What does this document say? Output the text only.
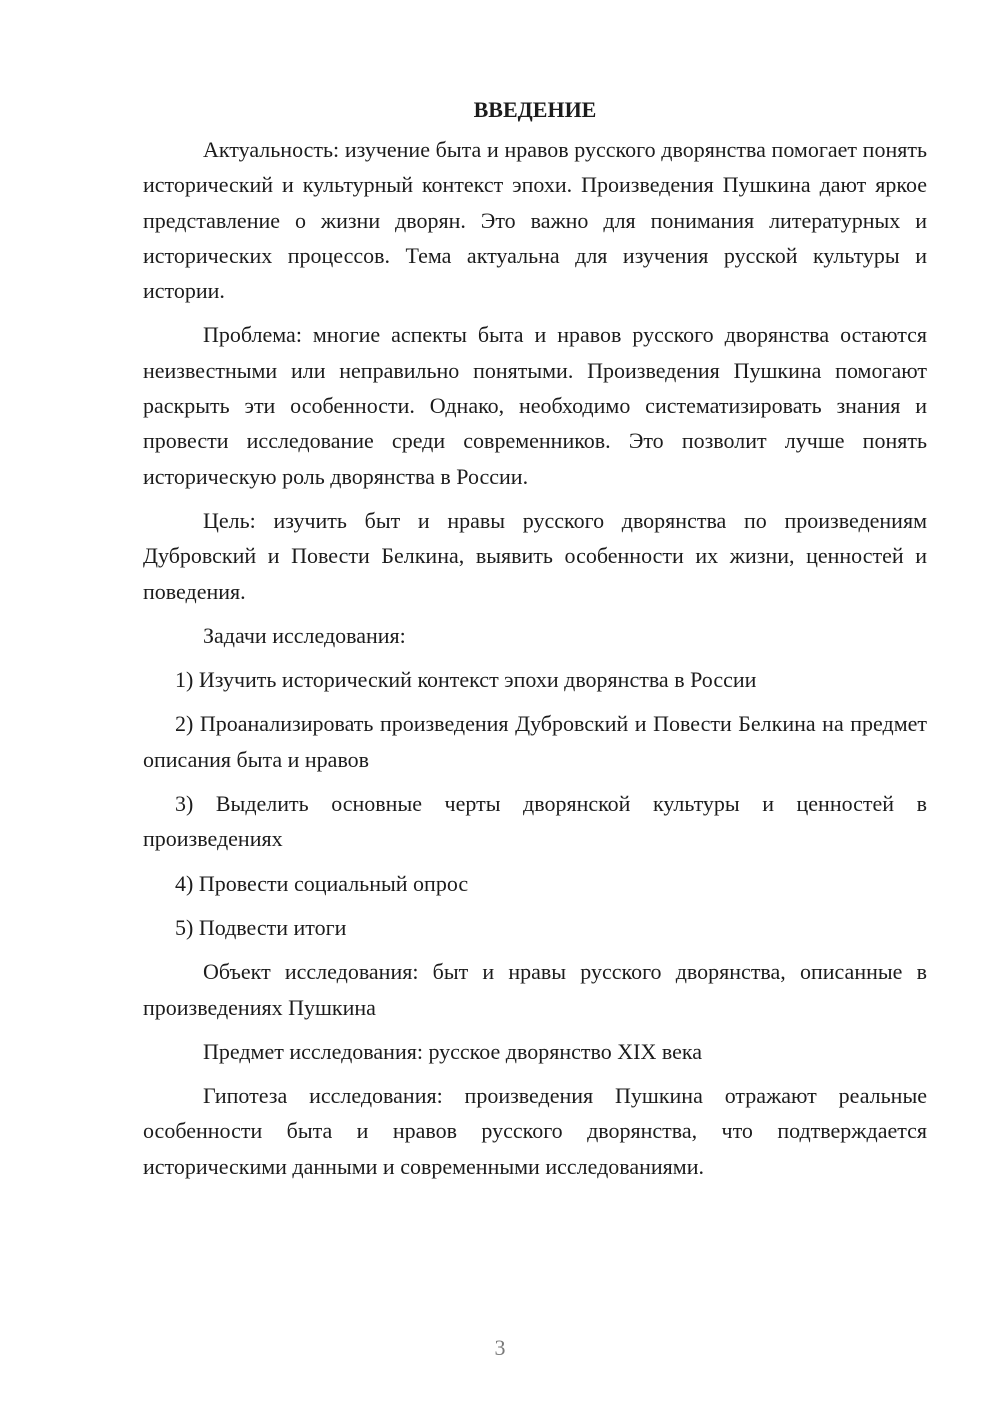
ВВЕДЕНИЕ

Актуальность: изучение быта и нравов русского дворянства помогает понять исторический и культурный контекст эпохи. Произведения Пушкина дают яркое представление о жизни дворян. Это важно для понимания литературных и исторических процессов. Тема актуальна для изучения русской культуры и истории.

Проблема: многие аспекты быта и нравов русского дворянства остаются неизвестными или неправильно понятыми. Произведения Пушкина помогают раскрыть эти особенности. Однако, необходимо систематизировать знания и провести исследование среди современников. Это позволит лучше понять историческую роль дворянства в России.

Цель: изучить быт и нравы русского дворянства по произведениям Дубровский и Повести Белкина, выявить особенности их жизни, ценностей и поведения.

Задачи исследования:

1) Изучить исторический контекст эпохи дворянства в России

2) Проанализировать произведения Дубровский и Повести Белкина на предмет описания быта и нравов

3) Выделить основные черты дворянской культуры и ценностей в произведениях

4) Провести социальный опрос

5) Подвести итоги

Объект исследования: быт и нравы русского дворянства, описанные в произведениях Пушкина

Предмет исследования: русское дворянство XIX века

Гипотеза исследования: произведения Пушкина отражают реальные особенности быта и нравов русского дворянства, что подтверждается историческими данными и современными исследованиями.

3
